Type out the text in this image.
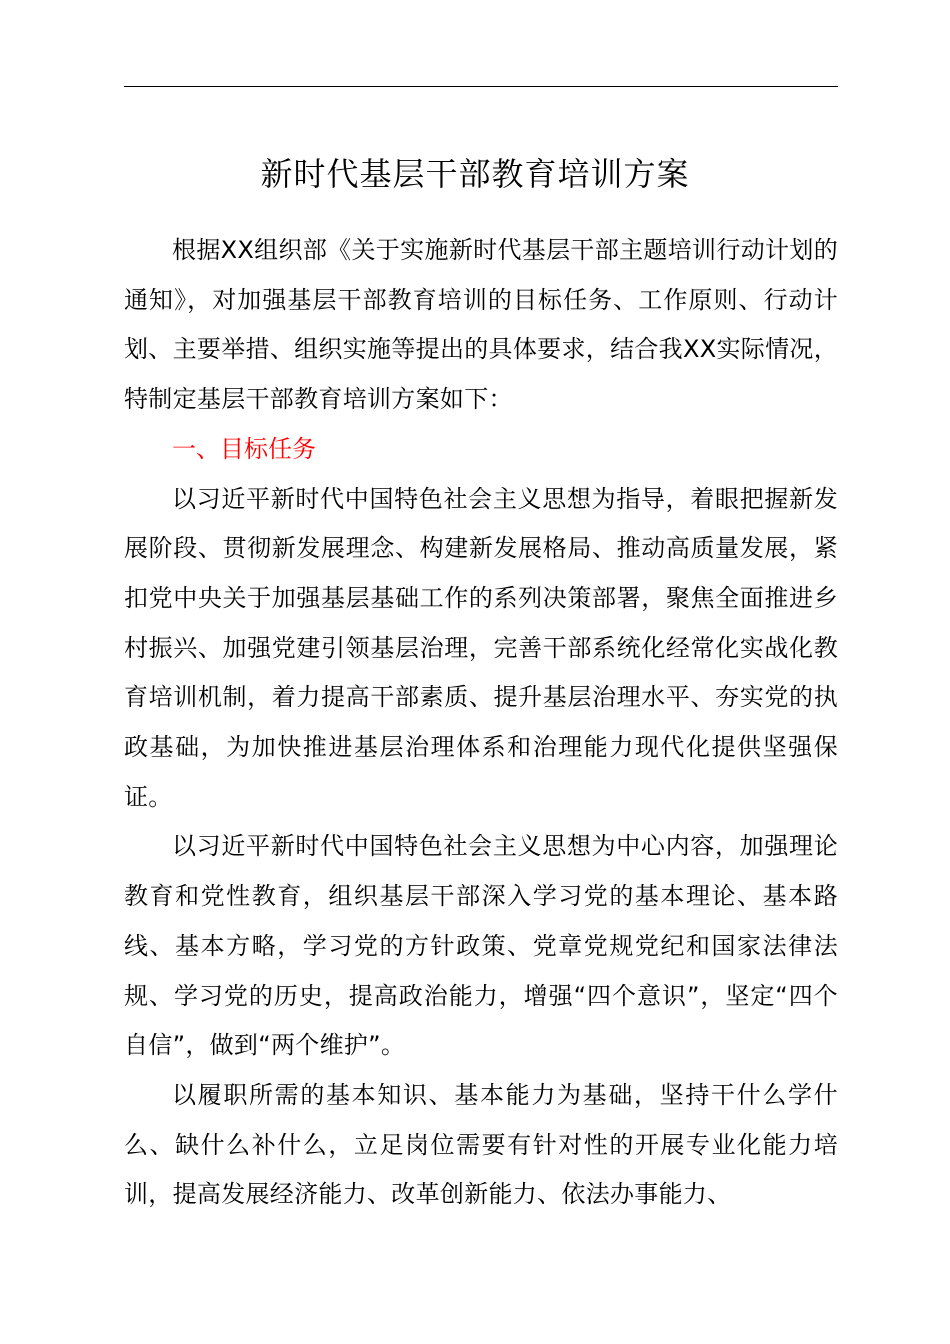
新时代基层干部教育培训方案

根据XX组织部《关于实施新时代基层干部主题培训行动计划的通知》，对加强基层干部教育培训的目标任务、工作原则、行动计划、主要举措、组织实施等提出的具体要求，结合我XX实际情况，特制定基层干部教育培训方案如下：

一、目标任务

以习近平新时代中国特色社会主义思想为指导，着眼把握新发展阶段、贯彻新发展理念、构建新发展格局、推动高质量发展，紧扣党中央关于加强基层基础工作的系列决策部署，聚焦全面推进乡村振兴、加强党建引领基层治理，完善干部系统化经常化实战化教育培训机制，着力提高干部素质、提升基层治理水平、夯实党的执政基础，为加快推进基层治理体系和治理能力现代化提供坚强保证。

以习近平新时代中国特色社会主义思想为中心内容，加强理论教育和党性教育，组织基层干部深入学习党的基本理论、基本路线、基本方略，学习党的方针政策、党章党规党纪和国家法律法规、学习党的历史，提高政治能力，增强“四个意识”，坚定“四个自信”，做到“两个维护”。

以履职所需的基本知识、基本能力为基础，坚持干什么学什么、缺什么补什么，立足岗位需要有针对性的开展专业化能力培训，提高发展经济能力、改革创新能力、依法办事能力、
